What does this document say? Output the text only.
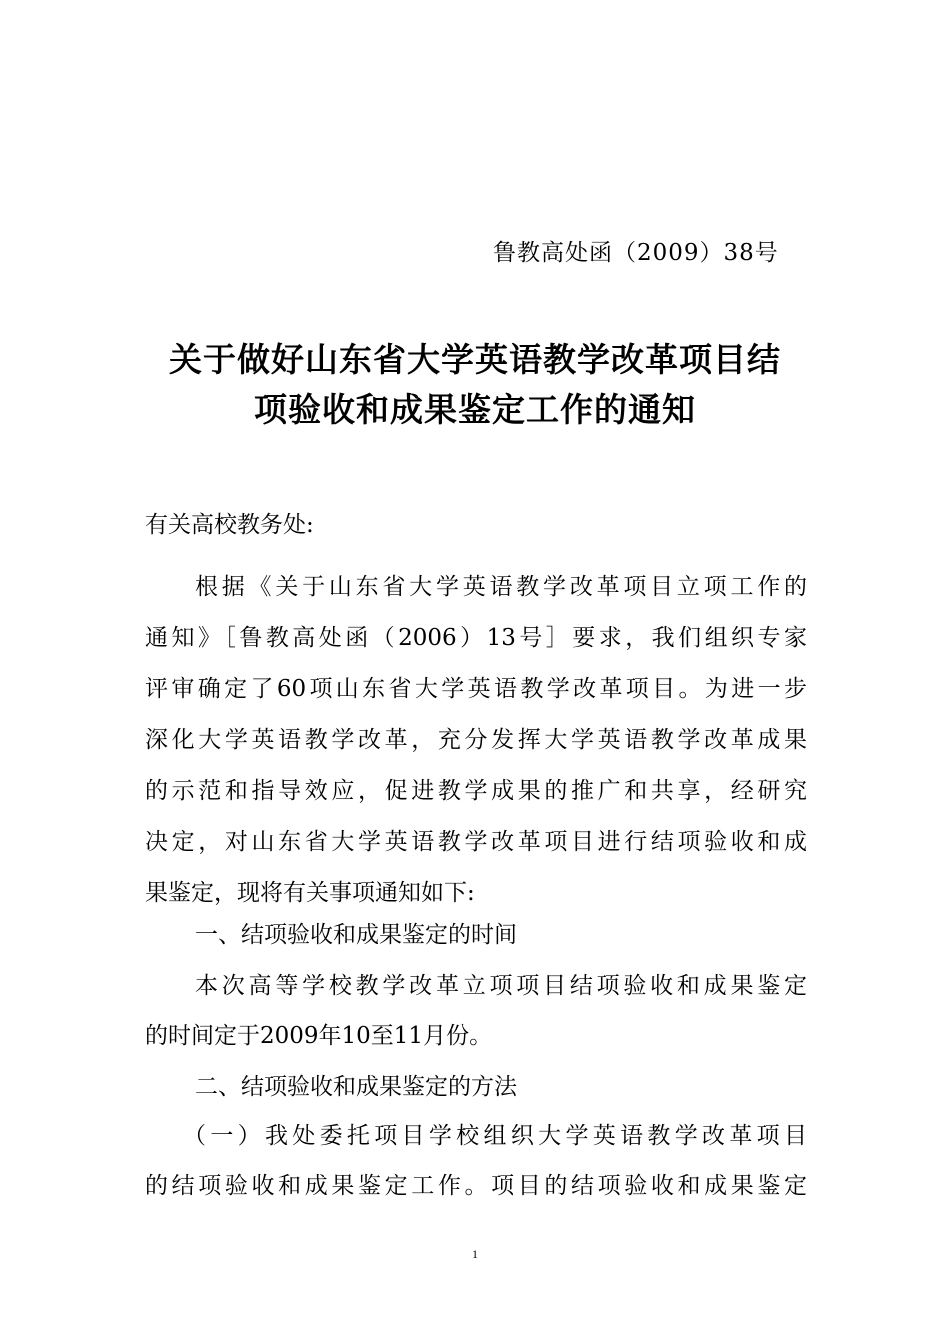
鲁教高处函（2009）38号
关于做好山东省大学英语教学改革项目结
项验收和成果鉴定工作的通知
有关高校教务处:
根据《关于山东省大学英语教学改革项目立项工作的
通知》［鲁教高处函（2006）13号］要求，我们组织专家
评审确定了60项山东省大学英语教学改革项目。为进一步
深化大学英语教学改革，充分发挥大学英语教学改革成果
的示范和指导效应，促进教学成果的推广和共享，经研究
决定，对山东省大学英语教学改革项目进行结项验收和成
果鉴定，现将有关事项通知如下:
一、结项验收和成果鉴定的时间
本次高等学校教学改革立项项目结项验收和成果鉴定
的时间定于2009年10至11月份。
二、结项验收和成果鉴定的方法
（一）我处委托项目学校组织大学英语教学改革项目
的结项验收和成果鉴定工作。项目的结项验收和成果鉴定
1
